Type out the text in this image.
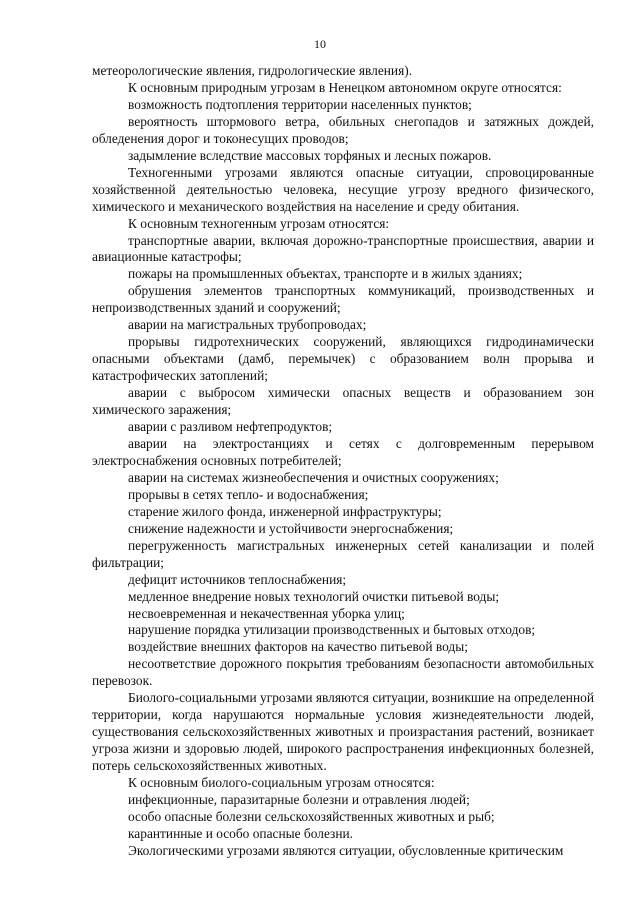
10

метеорологические явления, гидрологические явления).

К основным природным угрозам в Ненецком автономном округе относятся:

возможность подтопления территории населенных пунктов;

вероятность штормового ветра, обильных снегопадов и затяжных дождей, обледенения дорог и токонесущих проводов;

задымление вследствие массовых торфяных и лесных пожаров.

Техногенными угрозами являются опасные ситуации, спровоцированные хозяйственной деятельностью человека, несущие угрозу вредного физического, химического и механического воздействия на население и среду обитания.

К основным техногенным угрозам относятся:

транспортные аварии, включая дорожно-транспортные происшествия, аварии и авиационные катастрофы;

пожары на промышленных объектах, транспорте и в жилых зданиях;

обрушения элементов транспортных коммуникаций, производственных и непроизводственных зданий и сооружений;

аварии на магистральных трубопроводах;

прорывы гидротехнических сооружений, являющихся гидродинамически опасными объектами (дамб, перемычек) с образованием волн прорыва и катастрофических затоплений;

аварии с выбросом химически опасных веществ и образованием зон химического заражения;

аварии с разливом нефтепродуктов;

аварии на электростанциях и сетях с долговременным перерывом электроснабжения основных потребителей;

аварии на системах жизнеобеспечения и очистных сооружениях;

прорывы в сетях тепло- и водоснабжения;

старение жилого фонда, инженерной инфраструктуры;

снижение надежности и устойчивости энергоснабжения;

перегруженность магистральных инженерных сетей канализации и полей фильтрации;

дефицит источников теплоснабжения;

медленное внедрение новых технологий очистки питьевой воды;

несвоевременная и некачественная уборка улиц;

нарушение порядка утилизации производственных и бытовых отходов;

воздействие внешних факторов на качество питьевой воды;

несоответствие дорожного покрытия требованиям безопасности автомобильных перевозок.

Биолого-социальными угрозами являются ситуации, возникшие на определенной территории, когда нарушаются нормальные условия жизнедеятельности людей, существования сельскохозяйственных животных и произрастания растений, возникает угроза жизни и здоровью людей, широкого распространения инфекционных болезней, потерь сельскохозяйственных животных.

К основным биолого-социальным угрозам относятся:

инфекционные, паразитарные болезни и отравления людей;

особо опасные болезни сельскохозяйственных животных и рыб;

карантинные и особо опасные болезни.

Экологическими угрозами являются ситуации, обусловленные критическим
